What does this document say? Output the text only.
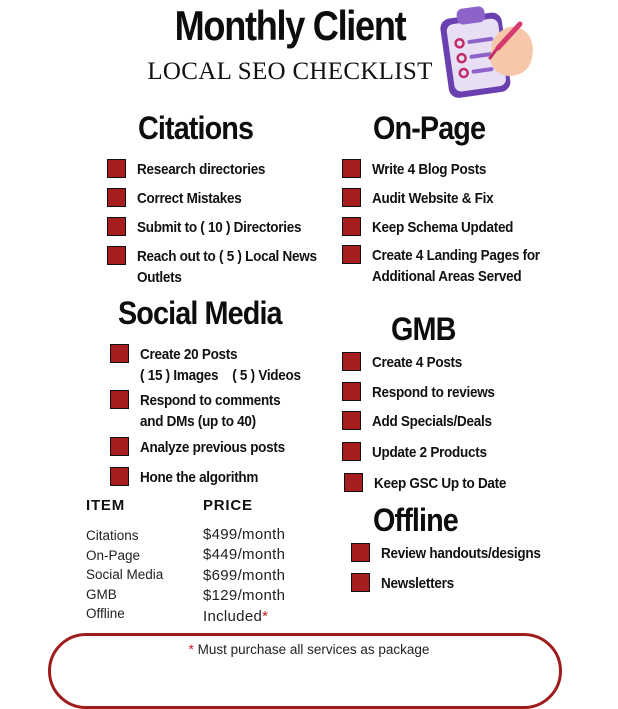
Monthly Client
LOCAL SEO CHECKLIST
Citations
Research directories
Correct Mistakes
Submit to ( 10 ) Directories
Reach out to ( 5 ) Local News
Outlets
On-Page
Write 4 Blog Posts
Audit Website & Fix
Keep Schema Updated
Create 4 Landing Pages for
Additional Areas Served
Social Media
Create 20 Posts
( 15 ) Images    ( 5 ) Videos
Respond to comments
and DMs (up to 40)
Analyze previous posts
Hone the algorithm
GMB
Create 4 Posts
Respond to reviews
Add Specials/Deals
Update 2 Products
Keep GSC Up to Date
Offline
Review handouts/designs
Newsletters
ITEM	PRICE
Citations
On-Page
Social Media
GMB
Offline
$499/month
$449/month
$699/month
$129/month
Included*
* Must purchase all services as package
